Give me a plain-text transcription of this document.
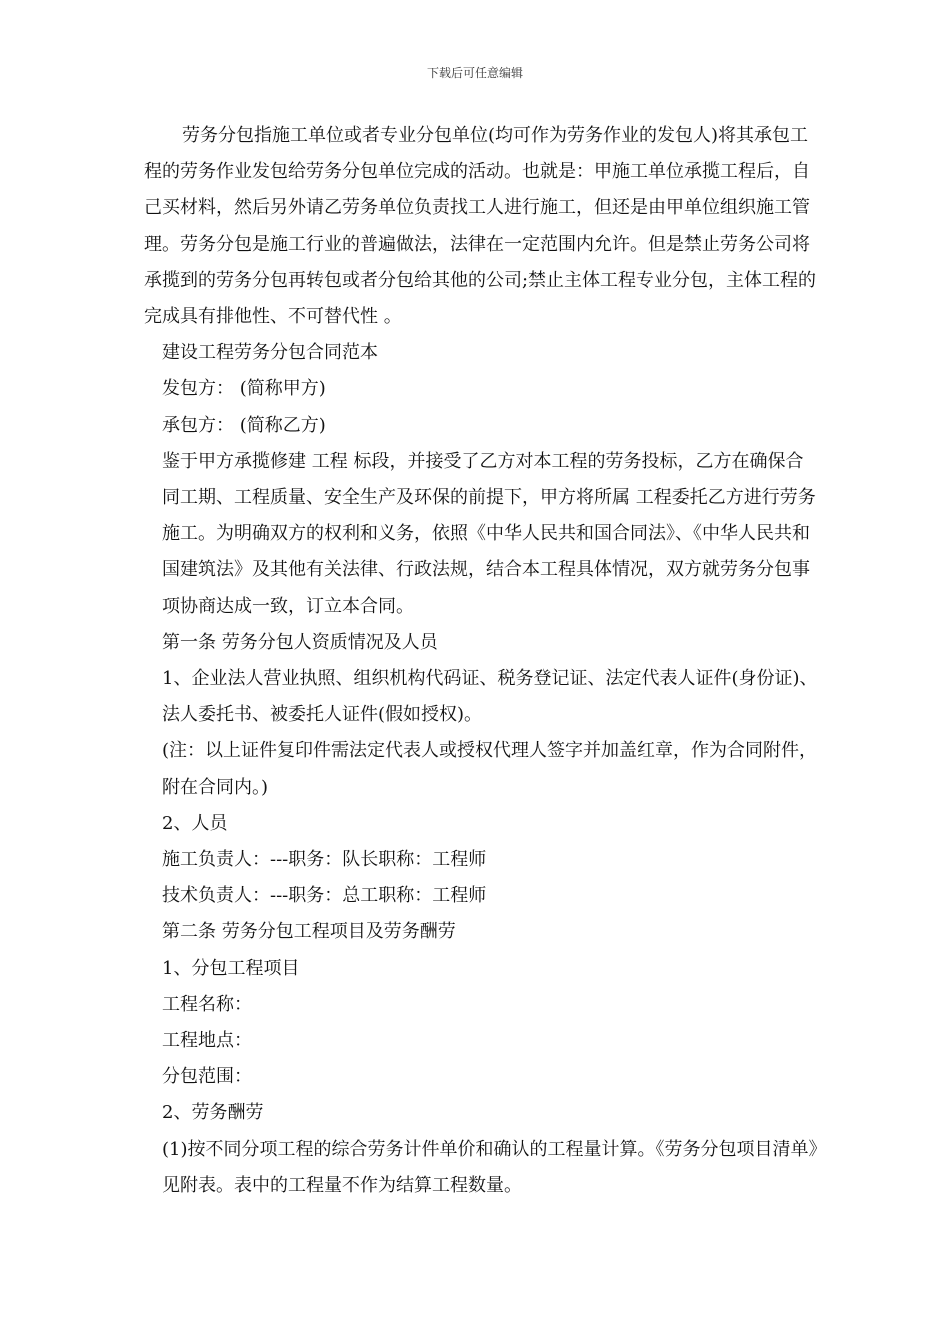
下载后可任意编辑

劳务分包指施工单位或者专业分包单位(均可作为劳务作业的发包人)将其承包工程的劳务作业发包给劳务分包单位完成的活动。也就是：甲施工单位承揽工程后，自己买材料，然后另外请乙劳务单位负责找工人进行施工，但还是由甲单位组织施工管理。劳务分包是施工行业的普遍做法，法律在一定范围内允许。但是禁止劳务公司将承揽到的劳务分包再转包或者分包给其他的公司;禁止主体工程专业分包，主体工程的完成具有排他性、不可替代性 。

建设工程劳务分包合同范本

发包方： (简称甲方)

承包方： (简称乙方)

鉴于甲方承揽修建 工程 标段，并接受了乙方对本工程的劳务投标，乙方在确保合同工期、工程质量、安全生产及环保的前提下，甲方将所属 工程委托乙方进行劳务施工。为明确双方的权利和义务，依照《中华人民共和国合同法》、《中华人民共和国建筑法》及其他有关法律、行政法规，结合本工程具体情况，双方就劳务分包事项协商达成一致，订立本合同。

第一条 劳务分包人资质情况及人员

1、企业法人营业执照、组织机构代码证、税务登记证、法定代表人证件(身份证)、法人委托书、被委托人证件(假如授权)。

(注：以上证件复印件需法定代表人或授权代理人签字并加盖红章，作为合同附件，附在合同内。)

2、人员

施工负责人：---职务：队长职称：工程师

技术负责人：---职务：总工职称：工程师

第二条 劳务分包工程项目及劳务酬劳

1、分包工程项目

工程名称：

工程地点：

分包范围：

2、劳务酬劳

(1)按不同分项工程的综合劳务计件单价和确认的工程量计算。《劳务分包项目清单》见附表。表中的工程量不作为结算工程数量。
